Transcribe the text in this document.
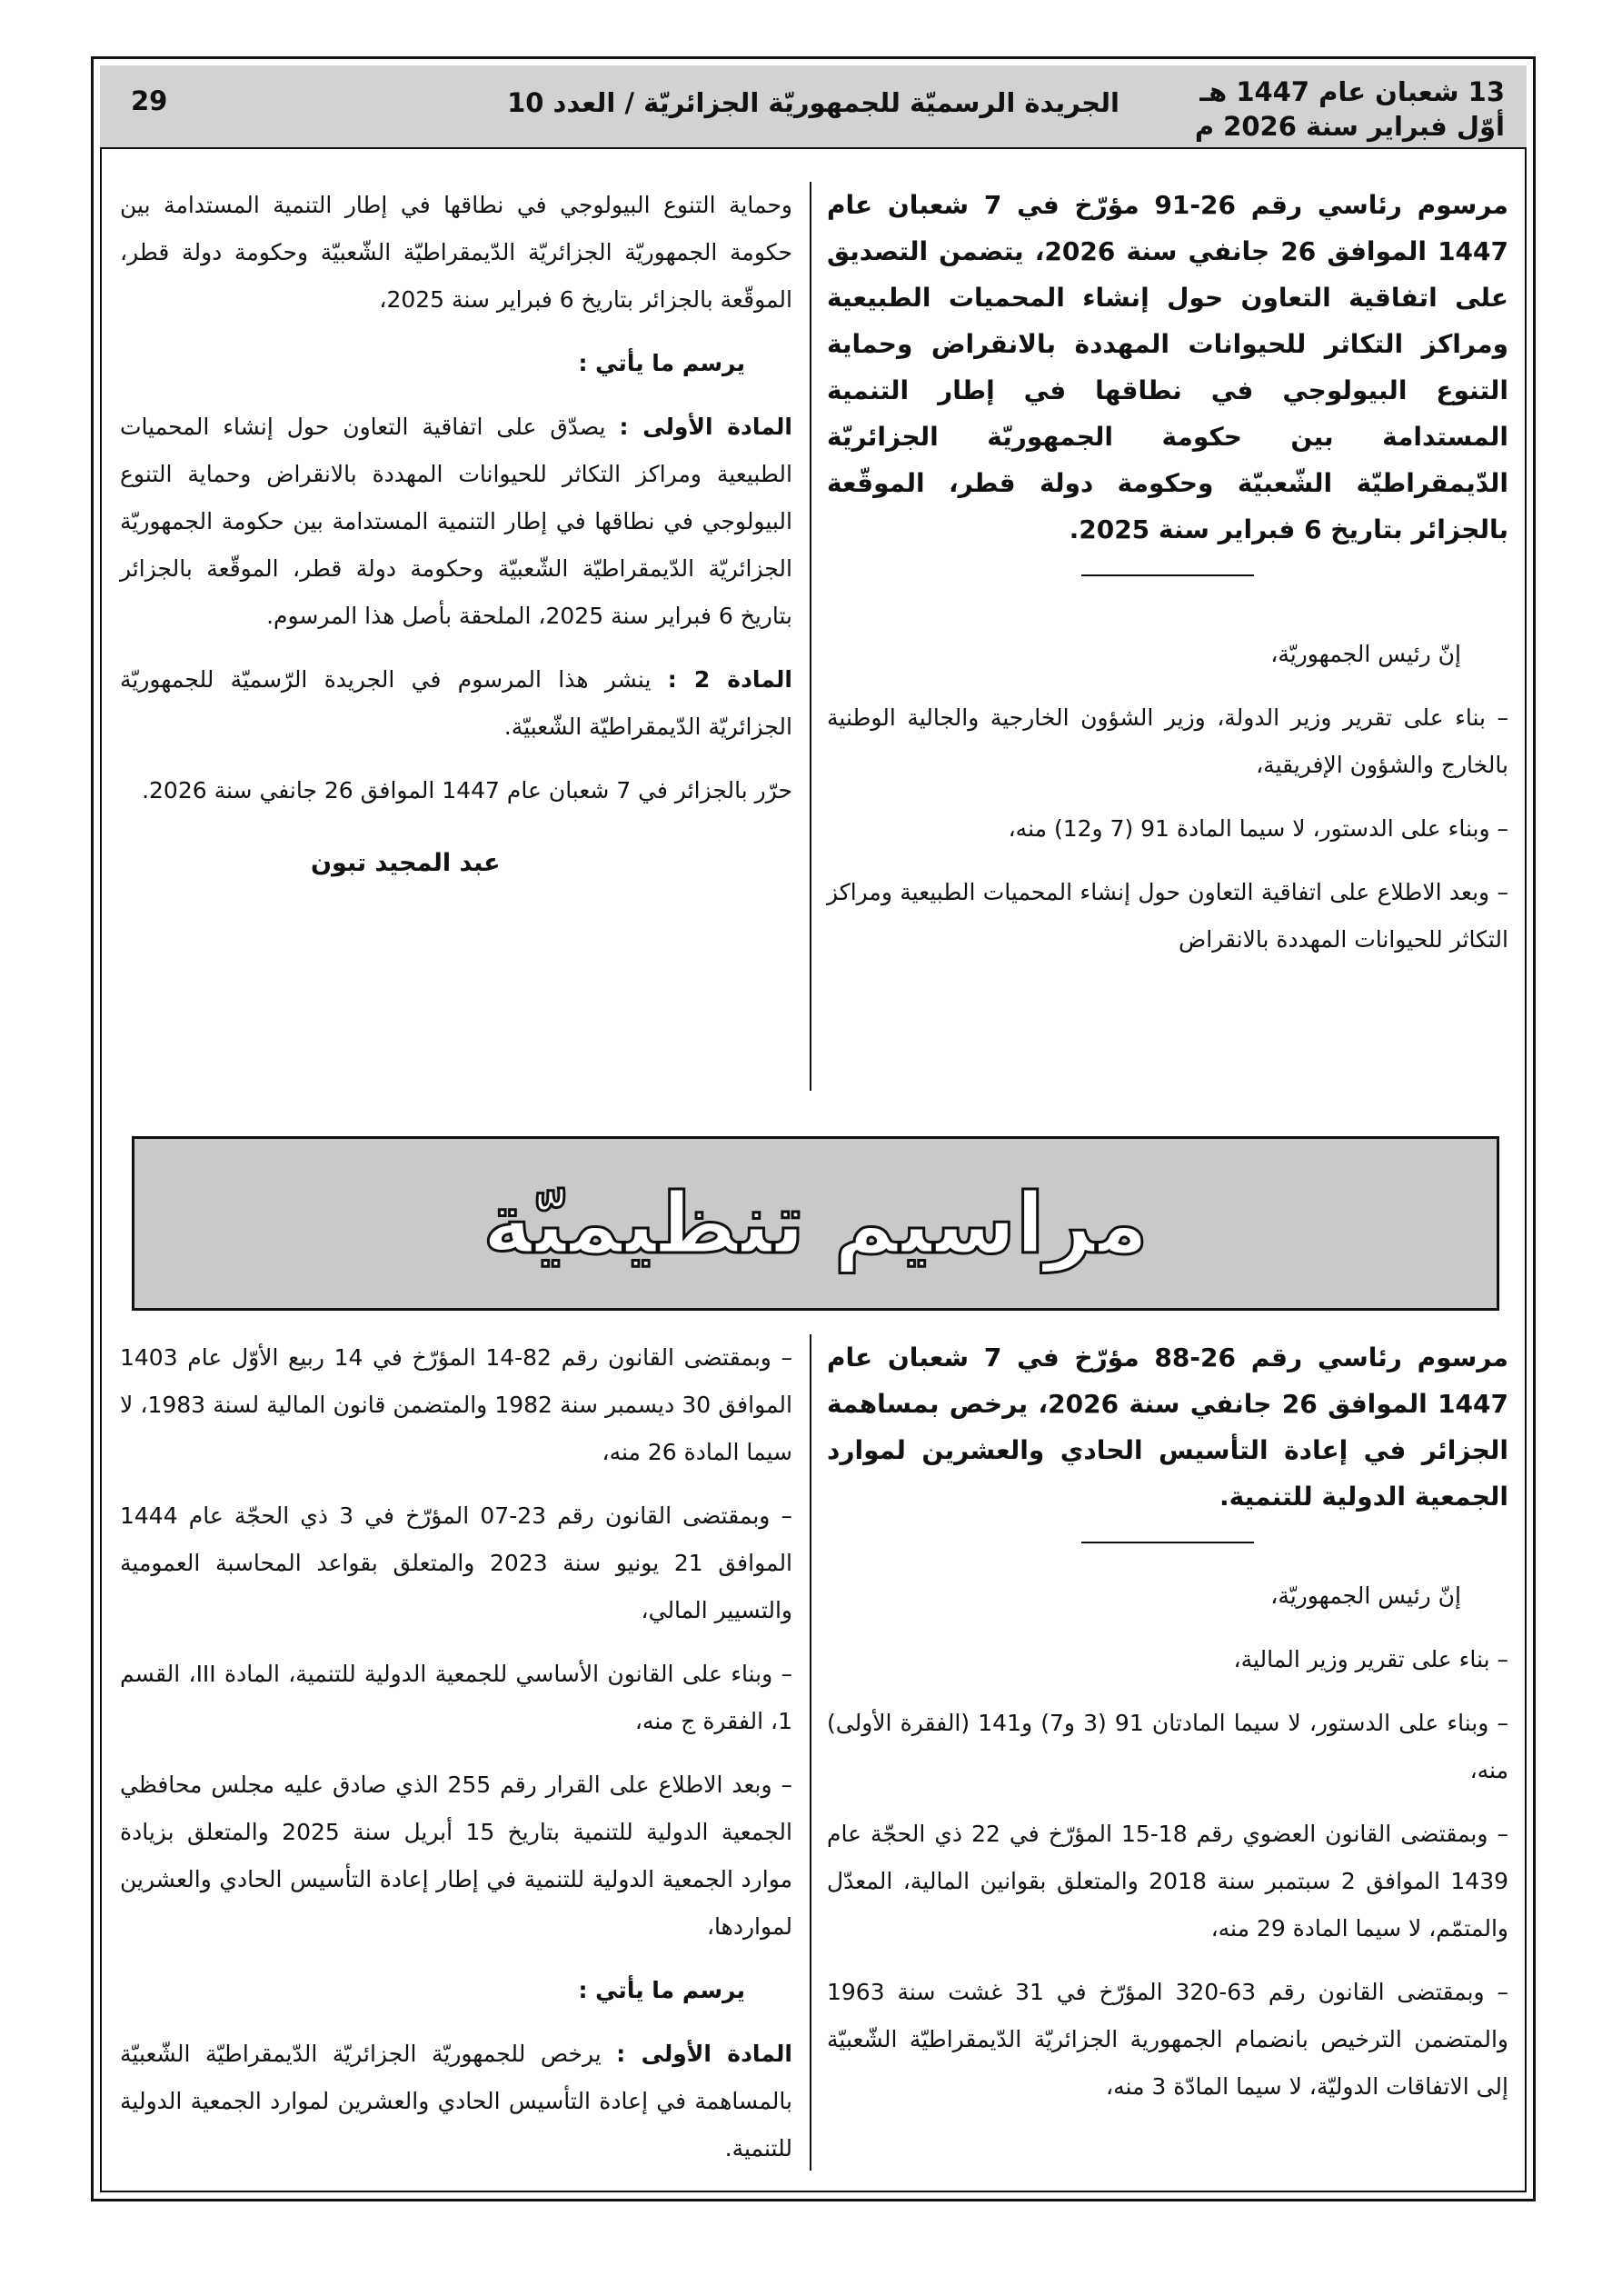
13 شعبان عام 1447 هـ
أوّل فبراير سنة 2026 م
الجريدة الرسميّة للجمهوريّة الجزائريّة / العدد 10
29

مرسوم رئاسي رقم 26-91 مؤرّخ في 7 شعبان عام 1447 الموافق 26 جانفي سنة 2026، يتضمن التصديق على اتفاقية التعاون حول إنشاء المحميات الطبيعية ومراكز التكاثر للحيوانات المهددة بالانقراض وحماية التنوع البيولوجي في نطاقها في إطار التنمية المستدامة بين حكومة الجمهوريّة الجزائريّة الدّيمقراطيّة الشّعبيّة وحكومة دولة قطر، الموقّعة بالجزائر بتاريخ 6 فبراير سنة 2025.

إنّ رئيس الجمهوريّة،

– بناء على تقرير وزير الدولة، وزير الشؤون الخارجية والجالية الوطنية بالخارج والشؤون الإفريقية،

– وبناء على الدستور، لا سيما المادة 91 (7 و12) منه،

– وبعد الاطلاع على اتفاقية التعاون حول إنشاء المحميات الطبيعية ومراكز التكاثر للحيوانات المهددة بالانقراض

وحماية التنوع البيولوجي في نطاقها في إطار التنمية المستدامة بين حكومة الجمهوريّة الجزائريّة الدّيمقراطيّة الشّعبيّة وحكومة دولة قطر، الموقّعة بالجزائر بتاريخ 6 فبراير سنة 2025،

يرسم ما يأتي :

المادة الأولى : يصدّق على اتفاقية التعاون حول إنشاء المحميات الطبيعية ومراكز التكاثر للحيوانات المهددة بالانقراض وحماية التنوع البيولوجي في نطاقها في إطار التنمية المستدامة بين حكومة الجمهوريّة الجزائريّة الدّيمقراطيّة الشّعبيّة وحكومة دولة قطر، الموقّعة بالجزائر بتاريخ 6 فبراير سنة 2025، الملحقة بأصل هذا المرسوم.

المادة 2 : ينشر هذا المرسوم في الجريدة الرّسميّة للجمهوريّة الجزائريّة الدّيمقراطيّة الشّعبيّة.

حرّر بالجزائر في 7 شعبان عام 1447 الموافق 26 جانفي سنة 2026.

عبد المجيد تبون

مراسيم تنظيميّة

مرسوم رئاسي رقم 26-88 مؤرّخ في 7 شعبان عام 1447 الموافق 26 جانفي سنة 2026، يرخص بمساهمة الجزائر في إعادة التأسيس الحادي والعشرين لموارد الجمعية الدولية للتنمية.

إنّ رئيس الجمهوريّة،

– بناء على تقرير وزير المالية،

– وبناء على الدستور، لا سيما المادتان 91 (3 و7) و141 (الفقرة الأولى) منه،

– وبمقتضى القانون العضوي رقم 18-15 المؤرّخ في 22 ذي الحجّة عام 1439 الموافق 2 سبتمبر سنة 2018 والمتعلق بقوانين المالية، المعدّل والمتمّم، لا سيما المادة 29 منه،

– وبمقتضى القانون رقم 63-320 المؤرّخ في 31 غشت سنة 1963 والمتضمن الترخيص بانضمام الجمهورية الجزائريّة الدّيمقراطيّة الشّعبيّة إلى الاتفاقات الدوليّة، لا سيما المادّة 3 منه،

– وبمقتضى القانون رقم 82-14 المؤرّخ في 14 ربيع الأوّل عام 1403 الموافق 30 ديسمبر سنة 1982 والمتضمن قانون المالية لسنة 1983، لا سيما المادة 26 منه،

– وبمقتضى القانون رقم 23-07 المؤرّخ في 3 ذي الحجّة عام 1444 الموافق 21 يونيو سنة 2023 والمتعلق بقواعد المحاسبة العمومية والتسيير المالي،

– وبناء على القانون الأساسي للجمعية الدولية للتنمية، المادة III، القسم 1، الفقرة ج منه،

– وبعد الاطلاع على القرار رقم 255 الذي صادق عليه مجلس محافظي الجمعية الدولية للتنمية بتاريخ 15 أبريل سنة 2025 والمتعلق بزيادة موارد الجمعية الدولية للتنمية في إطار إعادة التأسيس الحادي والعشرين لمواردها،

يرسم ما يأتي :

المادة الأولى : يرخص للجمهوريّة الجزائريّة الدّيمقراطيّة الشّعبيّة بالمساهمة في إعادة التأسيس الحادي والعشرين لموارد الجمعية الدولية للتنمية.
